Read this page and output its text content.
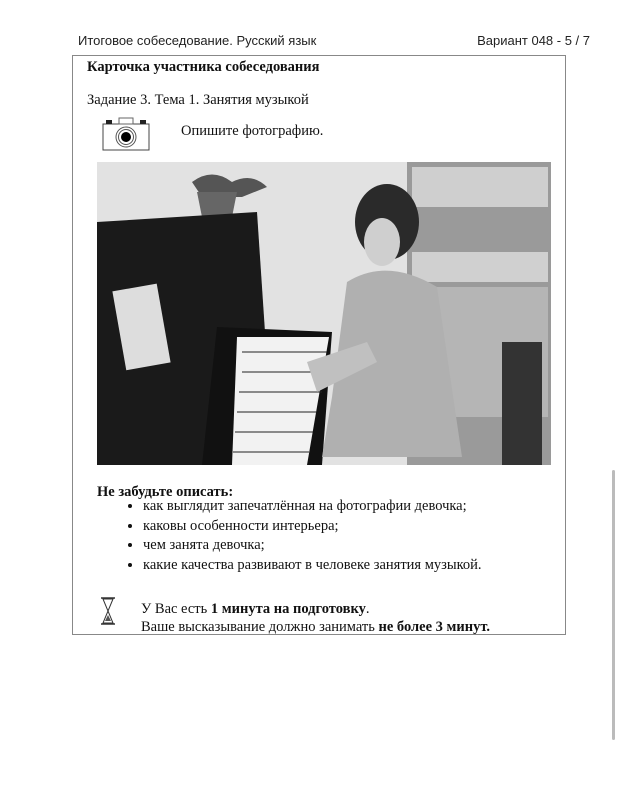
Итоговое собеседование. Русский язык	Вариант 048 - 5 / 7
Карточка участника собеседования
Задание 3. Тема 1. Занятия музыкой
Опишите фотографию.
Не забудьте описать:
• как выглядит запечатлённая на фотографии девочка;
• каковы особенности интерьера;
• чем занята девочка;
• какие качества развивают в человеке занятия музыкой.
У Вас есть 1 минута на подготовку.
Ваше высказывание должно занимать не более 3 минут.
